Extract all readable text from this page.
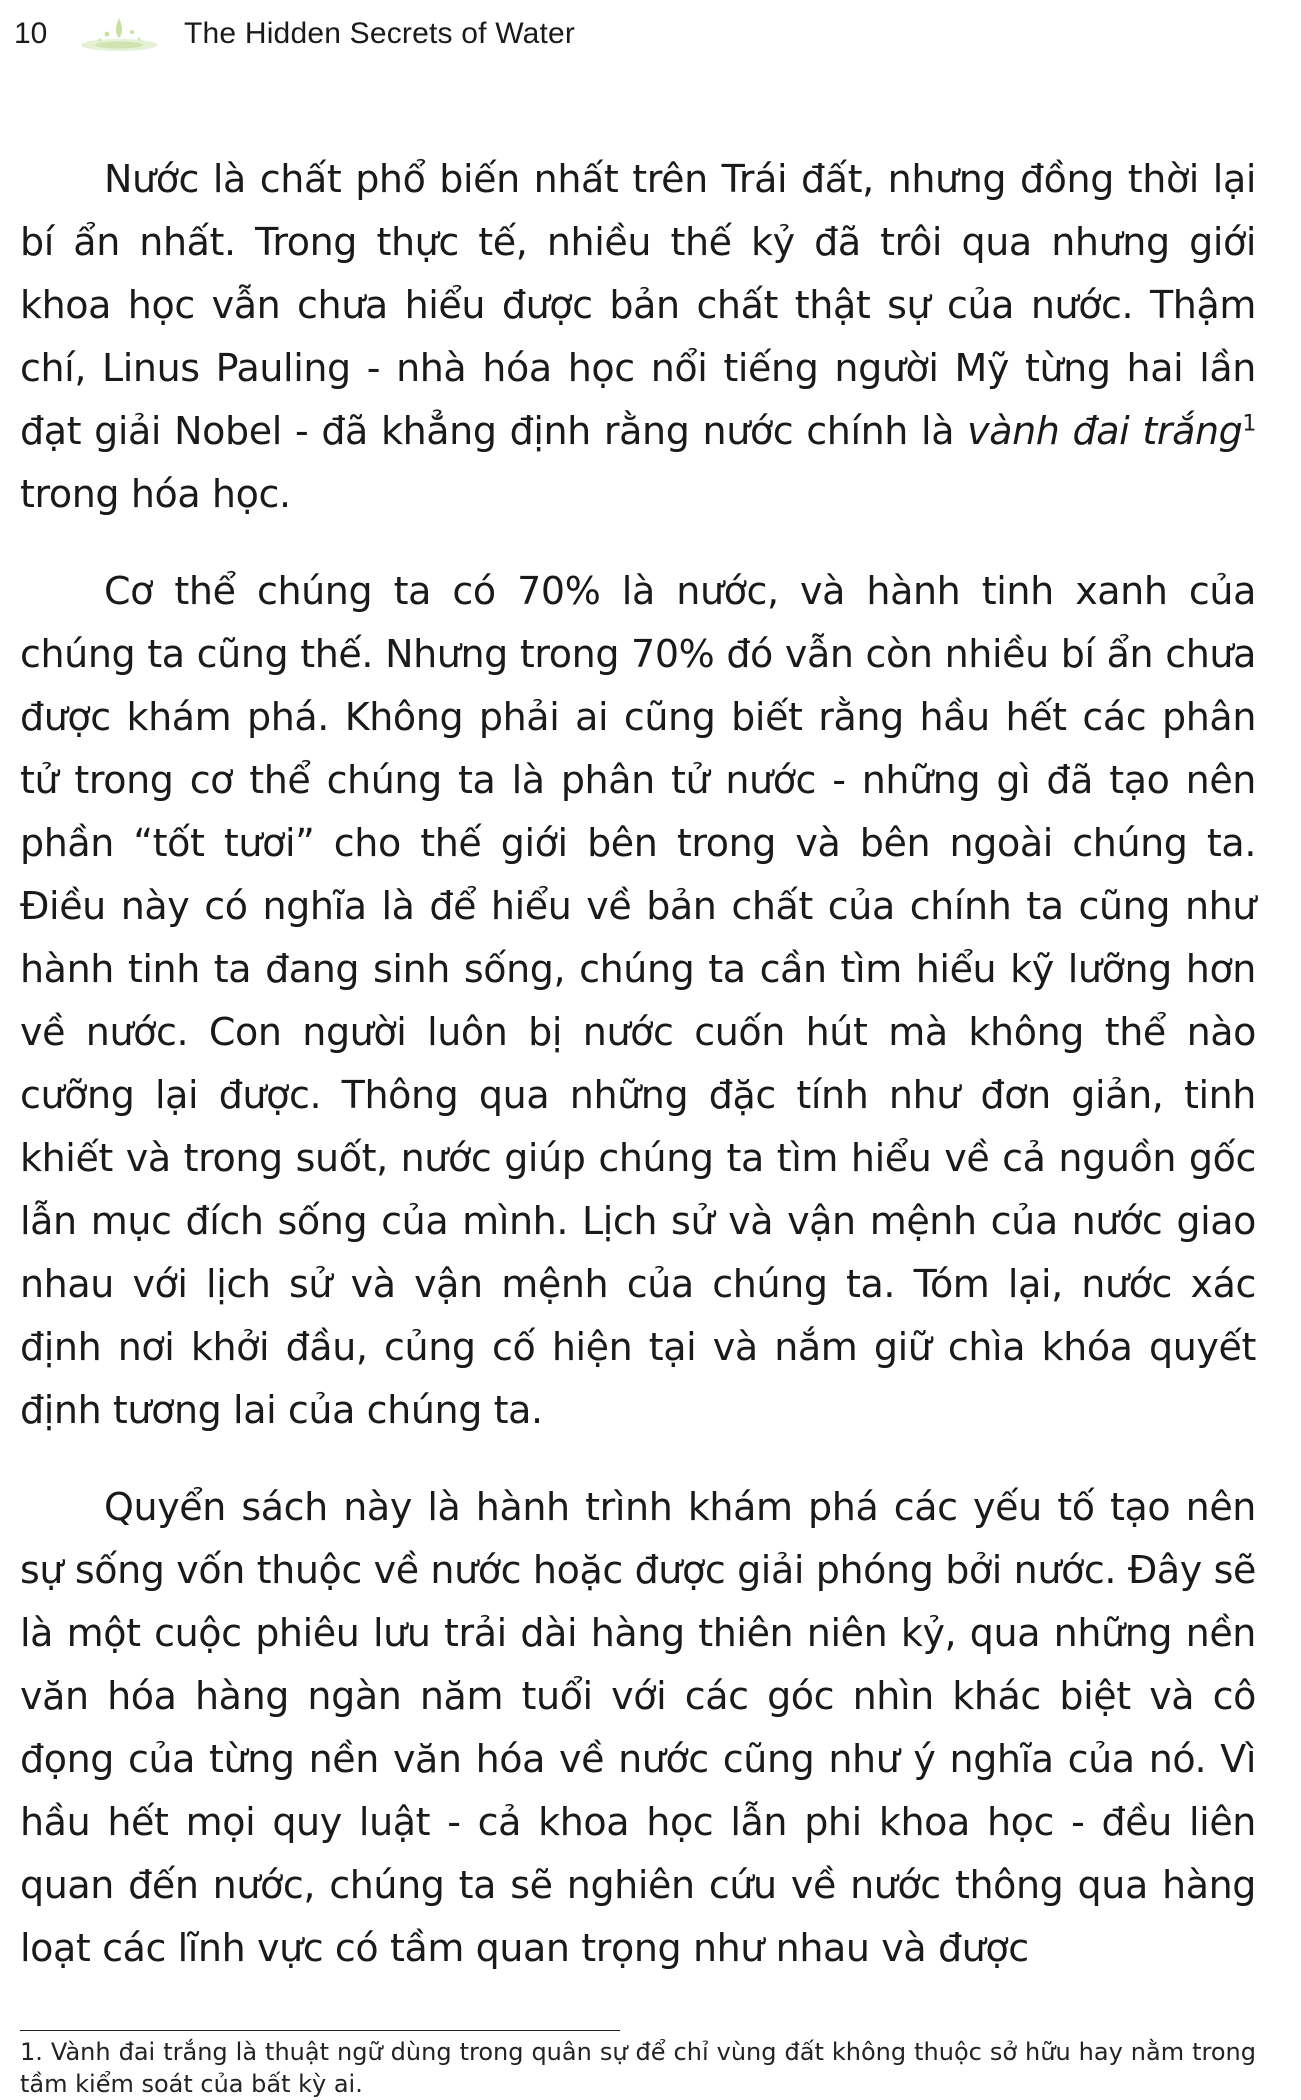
10	The Hidden Secrets of Water

Nước là chất phổ biến nhất trên Trái đất, nhưng đồng thời lại bí ẩn nhất. Trong thực tế, nhiều thế kỷ đã trôi qua nhưng giới khoa học vẫn chưa hiểu được bản chất thật sự của nước. Thậm chí, Linus Pauling - nhà hóa học nổi tiếng người Mỹ từng hai lần đạt giải Nobel - đã khẳng định rằng nước chính là vành đai trắng$^1$ trong hóa học.

Cơ thể chúng ta có 70% là nước, và hành tinh xanh của chúng ta cũng thế. Nhưng trong 70% đó vẫn còn nhiều bí ẩn chưa được khám phá. Không phải ai cũng biết rằng hầu hết các phân tử trong cơ thể chúng ta là phân tử nước - những gì đã tạo nên phần “tốt tươi” cho thế giới bên trong và bên ngoài chúng ta. Điều này có nghĩa là để hiểu về bản chất của chính ta cũng như hành tinh ta đang sinh sống, chúng ta cần tìm hiểu kỹ lưỡng hơn về nước. Con người luôn bị nước cuốn hút mà không thể nào cưỡng lại được. Thông qua những đặc tính như đơn giản, tinh khiết và trong suốt, nước giúp chúng ta tìm hiểu về cả nguồn gốc lẫn mục đích sống của mình. Lịch sử và vận mệnh của nước giao nhau với lịch sử và vận mệnh của chúng ta. Tóm lại, nước xác định nơi khởi đầu, củng cố hiện tại và nắm giữ chìa khóa quyết định tương lai của chúng ta.

Quyển sách này là hành trình khám phá các yếu tố tạo nên sự sống vốn thuộc về nước hoặc được giải phóng bởi nước. Đây sẽ là một cuộc phiêu lưu trải dài hàng thiên niên kỷ, qua những nền văn hóa hàng ngàn năm tuổi với các góc nhìn khác biệt và cô đọng của từng nền văn hóa về nước cũng như ý nghĩa của nó. Vì hầu hết mọi quy luật - cả khoa học lẫn phi khoa học - đều liên quan đến nước, chúng ta sẽ nghiên cứu về nước thông qua hàng loạt các lĩnh vực có tầm quan trọng như nhau và được

1. Vành đai trắng là thuật ngữ dùng trong quân sự để chỉ vùng đất không thuộc sở hữu hay nằm trong tầm kiểm soát của bất kỳ ai.
